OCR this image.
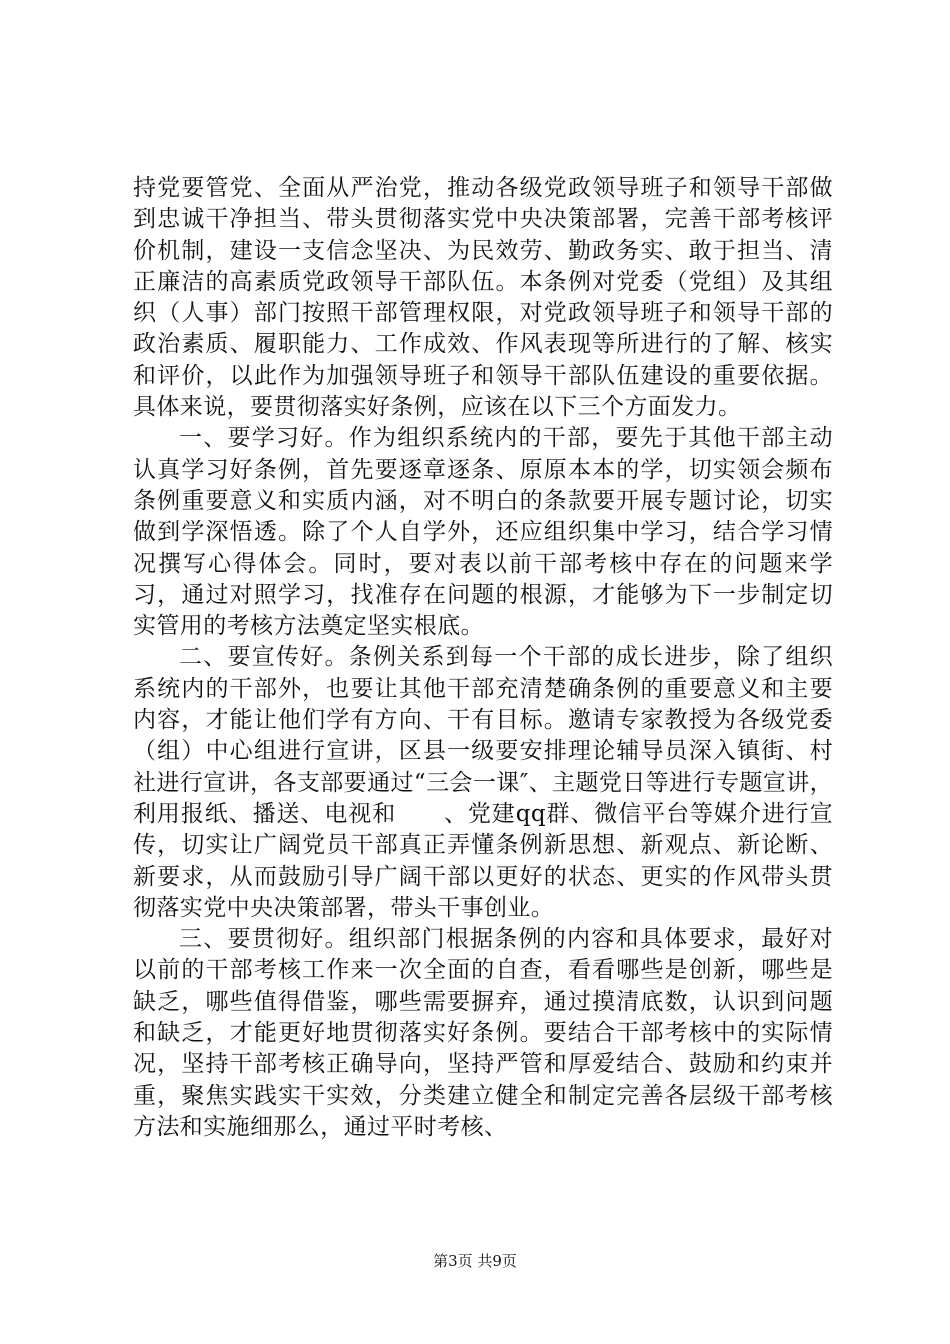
持党要管党、全面从严治党，推动各级党政领导班子和领导干部做到忠诚干净担当、带头贯彻落实党中央决策部署，完善干部考核评价机制，建设一支信念坚决、为民效劳、勤政务实、敢于担当、清正廉洁的高素质党政领导干部队伍。本条例对党委（党组）及其组织（人事）部门按照干部管理权限，对党政领导班子和领导干部的政治素质、履职能力、工作成效、作风表现等所进行的了解、核实和评价，以此作为加强领导班子和领导干部队伍建设的重要依据。具体来说，要贯彻落实好条例，应该在以下三个方面发力。

一、要学习好。作为组织系统内的干部，要先于其他干部主动认真学习好条例，首先要逐章逐条、原原本本的学，切实领会频布条例重要意义和实质内涵，对不明白的条款要开展专题讨论，切实做到学深悟透。除了个人自学外，还应组织集中学习，结合学习情况撰写心得体会。同时，要对表以前干部考核中存在的问题来学习，通过对照学习，找准存在问题的根源，才能够为下一步制定切实管用的考核方法奠定坚实根底。

二、要宣传好。条例关系到每一个干部的成长进步，除了组织系统内的干部外，也要让其他干部充清楚确条例的重要意义和主要内容，才能让他们学有方向、干有目标。邀请专家教授为各级党委（组）中心组进行宣讲，区县一级要安排理论辅导员深入镇街、村社进行宣讲，各支部要通过“三会一课″、主题党日等进行专题宣讲，利用报纸、播送、电视和　　、党建qq群、微信平台等媒介进行宣传，切实让广阔党员干部真正弄懂条例新思想、新观点、新论断、新要求，从而鼓励引导广阔干部以更好的状态、更实的作风带头贯彻落实党中央决策部署，带头干事创业。

三、要贯彻好。组织部门根据条例的内容和具体要求，最好对以前的干部考核工作来一次全面的自查，看看哪些是创新，哪些是缺乏，哪些值得借鉴，哪些需要摒弃，通过摸清底数，认识到问题和缺乏，才能更好地贯彻落实好条例。要结合干部考核中的实际情况，坚持干部考核正确导向，坚持严管和厚爱结合、鼓励和约束并重，聚焦实践实干实效，分类建立健全和制定完善各层级干部考核方法和实施细那么，通过平时考核、

第3页 共9页
